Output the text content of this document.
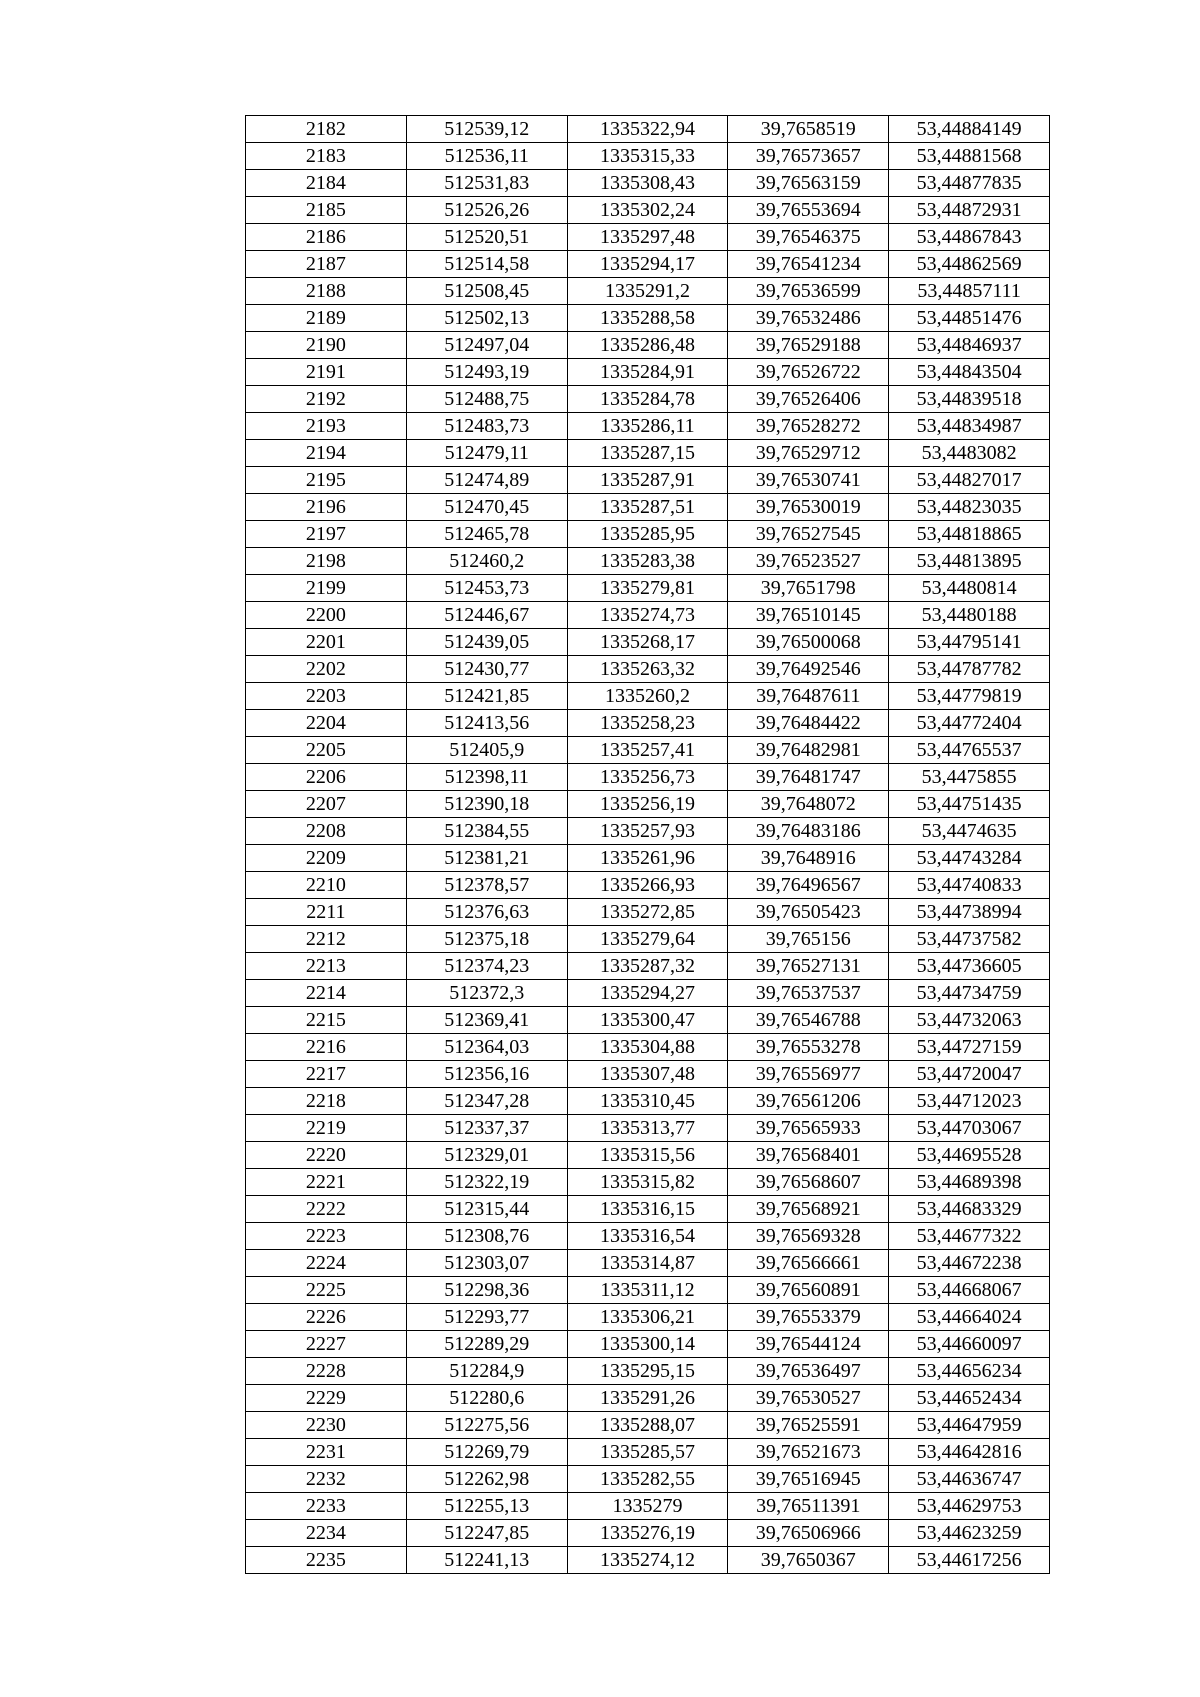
2182	512539,12	1335322,94	39,7658519	53,44884149
2183	512536,11	1335315,33	39,76573657	53,44881568
2184	512531,83	1335308,43	39,76563159	53,44877835
2185	512526,26	1335302,24	39,76553694	53,44872931
2186	512520,51	1335297,48	39,76546375	53,44867843
2187	512514,58	1335294,17	39,76541234	53,44862569
2188	512508,45	1335291,2	39,76536599	53,44857111
2189	512502,13	1335288,58	39,76532486	53,44851476
2190	512497,04	1335286,48	39,76529188	53,44846937
2191	512493,19	1335284,91	39,76526722	53,44843504
2192	512488,75	1335284,78	39,76526406	53,44839518
2193	512483,73	1335286,11	39,76528272	53,44834987
2194	512479,11	1335287,15	39,76529712	53,4483082
2195	512474,89	1335287,91	39,76530741	53,44827017
2196	512470,45	1335287,51	39,76530019	53,44823035
2197	512465,78	1335285,95	39,76527545	53,44818865
2198	512460,2	1335283,38	39,76523527	53,44813895
2199	512453,73	1335279,81	39,7651798	53,4480814
2200	512446,67	1335274,73	39,76510145	53,4480188
2201	512439,05	1335268,17	39,76500068	53,44795141
2202	512430,77	1335263,32	39,76492546	53,44787782
2203	512421,85	1335260,2	39,76487611	53,44779819
2204	512413,56	1335258,23	39,76484422	53,44772404
2205	512405,9	1335257,41	39,76482981	53,44765537
2206	512398,11	1335256,73	39,76481747	53,4475855
2207	512390,18	1335256,19	39,7648072	53,44751435
2208	512384,55	1335257,93	39,76483186	53,4474635
2209	512381,21	1335261,96	39,7648916	53,44743284
2210	512378,57	1335266,93	39,76496567	53,44740833
2211	512376,63	1335272,85	39,76505423	53,44738994
2212	512375,18	1335279,64	39,765156	53,44737582
2213	512374,23	1335287,32	39,76527131	53,44736605
2214	512372,3	1335294,27	39,76537537	53,44734759
2215	512369,41	1335300,47	39,76546788	53,44732063
2216	512364,03	1335304,88	39,76553278	53,44727159
2217	512356,16	1335307,48	39,76556977	53,44720047
2218	512347,28	1335310,45	39,76561206	53,44712023
2219	512337,37	1335313,77	39,76565933	53,44703067
2220	512329,01	1335315,56	39,76568401	53,44695528
2221	512322,19	1335315,82	39,76568607	53,44689398
2222	512315,44	1335316,15	39,76568921	53,44683329
2223	512308,76	1335316,54	39,76569328	53,44677322
2224	512303,07	1335314,87	39,76566661	53,44672238
2225	512298,36	1335311,12	39,76560891	53,44668067
2226	512293,77	1335306,21	39,76553379	53,44664024
2227	512289,29	1335300,14	39,76544124	53,44660097
2228	512284,9	1335295,15	39,76536497	53,44656234
2229	512280,6	1335291,26	39,76530527	53,44652434
2230	512275,56	1335288,07	39,76525591	53,44647959
2231	512269,79	1335285,57	39,76521673	53,44642816
2232	512262,98	1335282,55	39,76516945	53,44636747
2233	512255,13	1335279	39,76511391	53,44629753
2234	512247,85	1335276,19	39,76506966	53,44623259
2235	512241,13	1335274,12	39,7650367	53,44617256
